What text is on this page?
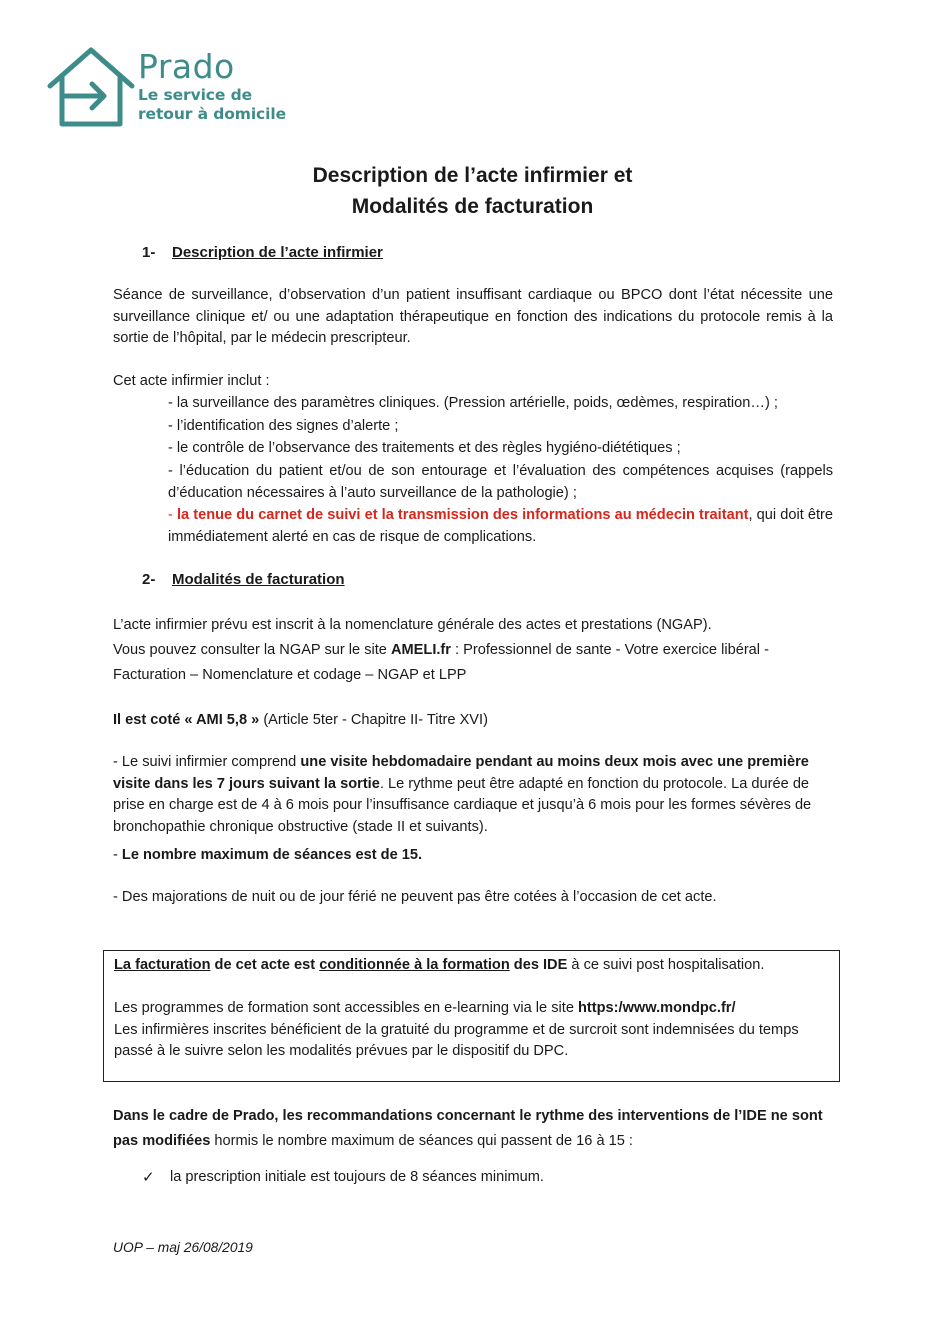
Prado
Le service de
retour à domicile
Description de l’acte infirmier et
Modalités de facturation
1- Description de l’acte infirmier
Séance de surveillance, d’observation d’un patient insuffisant cardiaque ou BPCO dont l’état nécessite une surveillance clinique et/ ou une adaptation thérapeutique en fonction des indications du protocole remis à la sortie de l’hôpital, par le médecin prescripteur.
Cet acte infirmier inclut :
- la surveillance des paramètres cliniques. (Pression artérielle, poids, œdèmes, respiration…) ;
- l’identification des signes d’alerte ;
- le contrôle de l’observance des traitements et des règles hygiéno-diététiques ;
- l’éducation du patient et/ou de son entourage et l’évaluation des compétences acquises (rappels d’éducation nécessaires à l’auto surveillance de la pathologie) ;
- la tenue du carnet de suivi et la transmission des informations au médecin traitant, qui doit être immédiatement alerté en cas de risque de complications.
2- Modalités de facturation
L’acte infirmier prévu est inscrit à la nomenclature générale des actes et prestations (NGAP).
Vous pouvez consulter la NGAP sur le site AMELI.fr : Professionnel de sante - Votre exercice libéral -
Facturation – Nomenclature et codage – NGAP et LPP
Il est coté « AMI 5,8 » (Article 5ter - Chapitre II- Titre XVI)
- Le suivi infirmier comprend une visite hebdomadaire pendant au moins deux mois avec une première visite dans les 7 jours suivant la sortie. Le rythme peut être adapté en fonction du protocole. La durée de prise en charge est de 4 à 6 mois pour l’insuffisance cardiaque et jusqu’à 6 mois pour les formes sévères de bronchopathie chronique obstructive (stade II et suivants).
- Le nombre maximum de séances est de 15.
- Des majorations de nuit ou de jour férié ne peuvent pas être cotées à l’occasion de cet acte.
La facturation de cet acte est conditionnée à la formation des IDE à ce suivi post hospitalisation.
Les programmes de formation sont accessibles en e-learning via le site https:/www.mondpc.fr/
Les infirmières inscrites bénéficient de la gratuité du programme et de surcroit sont indemnisées du temps passé à le suivre selon les modalités prévues par le dispositif du DPC.
Dans le cadre de Prado, les recommandations concernant le rythme des interventions de l’IDE ne sont pas modifiées hormis le nombre maximum de séances qui passent de 16 à 15 :
✓ la prescription initiale est toujours de 8 séances minimum.
UOP – maj 26/08/2019
